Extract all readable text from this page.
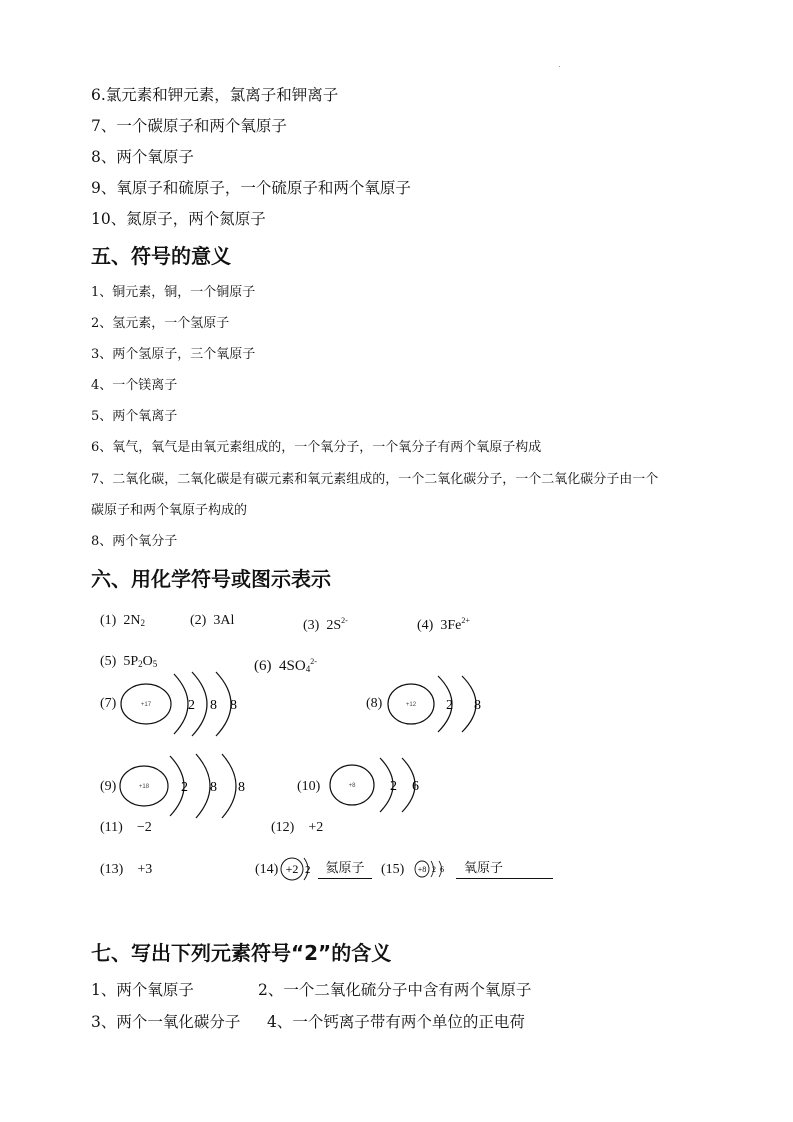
6.氯元素和钾元素，氯离子和钾离子
7、一个碳原子和两个氧原子
8、两个氧原子
9、氧原子和硫原子，一个硫原子和两个氧原子
10、氮原子，两个氮原子
五、符号的意义
1、铜元素，铜，一个铜原子
2、氢元素，一个氢原子
3、两个氢原子，三个氧原子
4、一个镁离子
5、两个氧离子
6、氧气，氧气是由氧元素组成的，一个氧分子，一个氧分子有两个氧原子构成
7、二氧化碳，二氧化碳是有碳元素和氧元素组成的，一个二氧化碳分子，一个二氧化碳分子由一个
碳原子和两个氧原子构成的
8、两个氧分子
六、用化学符号或图示表示
(1) $2N_2$	(2) 3Al	(3) $2S^{2-}$	(4) $3Fe^{2+}$
(5) $5P_2O_5$	(6) $4SO_4^{2-}$
(7)	+17	2 8 8	(8)	+12 2 8
(9)	+18 2 8 8	(10)	+8 2 6
(11) −2	(12) +2
(13) +3	(14) +2 2	氦原子	(15) +8 2 6	氧原子
七、写出下列元素符号“2”的含义
1、两个氧原子	2、一个二氧化硫分子中含有两个氧原子
3、两个一氧化碳分子 4、一个钙离子带有两个单位的正电荷
